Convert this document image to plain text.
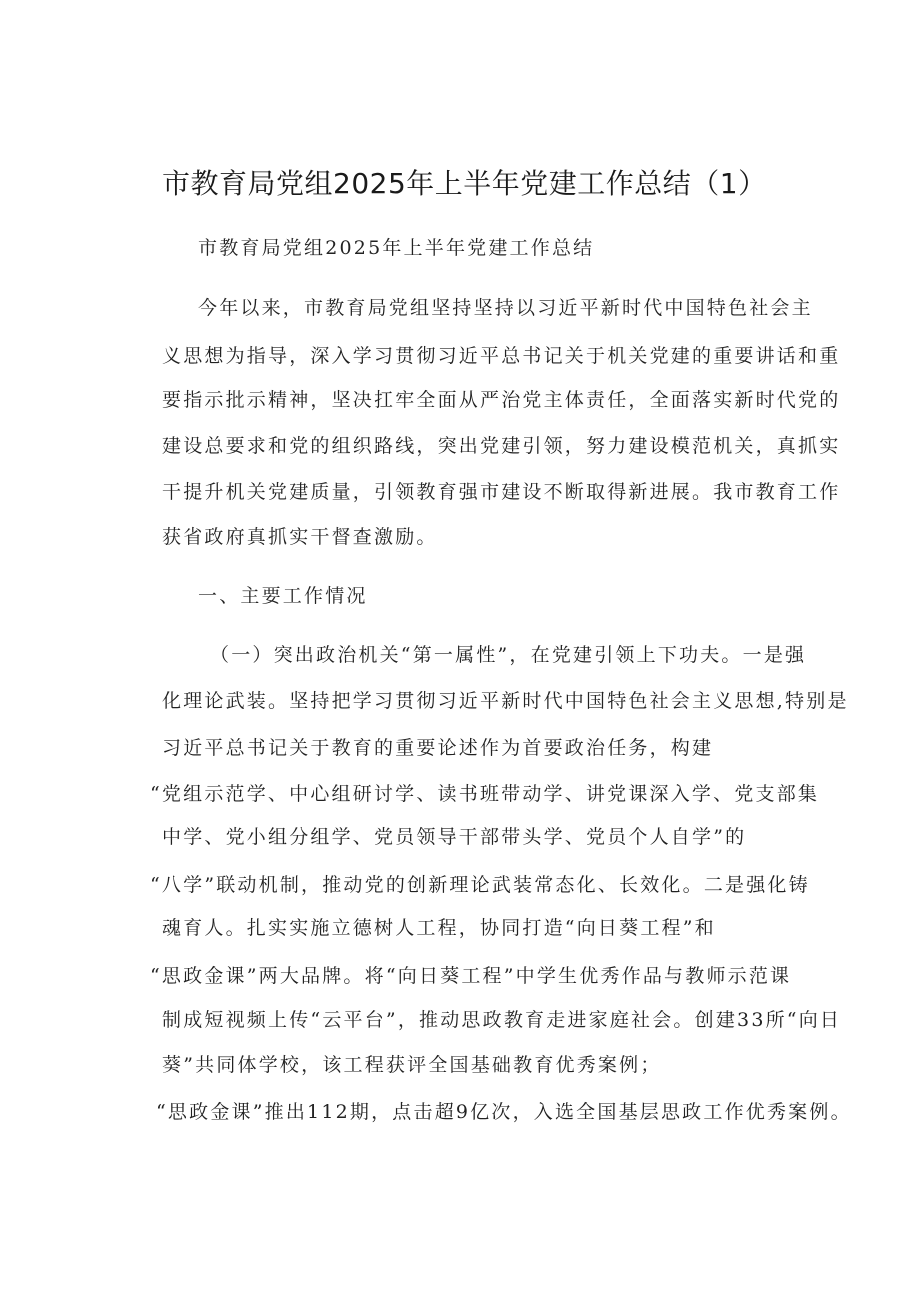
市教育局党组2025年上半年党建工作总结（1）
市教育局党组2025年上半年党建工作总结
今年以来，市教育局党组坚持坚持以习近平新时代中国特色社会主
义思想为指导，深入学习贯彻习近平总书记关于机关党建的重要讲话和重
要指示批示精神，坚决扛牢全面从严治党主体责任，全面落实新时代党的
建设总要求和党的组织路线，突出党建引领，努力建设模范机关，真抓实
干提升机关党建质量，引领教育强市建设不断取得新进展。我市教育工作
获省政府真抓实干督查激励。
一、主要工作情况
（一）突出政治机关“第一属性”，在党建引领上下功夫。一是强
化理论武装。坚持把学习贯彻习近平新时代中国特色社会主义思想,特别是
习近平总书记关于教育的重要论述作为首要政治任务，构建
“党组示范学、中心组研讨学、读书班带动学、讲党课深入学、党支部集
中学、党小组分组学、党员领导干部带头学、党员个人自学”的
“八学”联动机制，推动党的创新理论武装常态化、长效化。二是强化铸
魂育人。扎实实施立德树人工程，协同打造“向日葵工程”和
“思政金课”两大品牌。将“向日葵工程”中学生优秀作品与教师示范课
制成短视频上传“云平台”，推动思政教育走进家庭社会。创建33所“向日
葵”共同体学校，该工程获评全国基础教育优秀案例；
“思政金课”推出112期，点击超9亿次，入选全国基层思政工作优秀案例。
